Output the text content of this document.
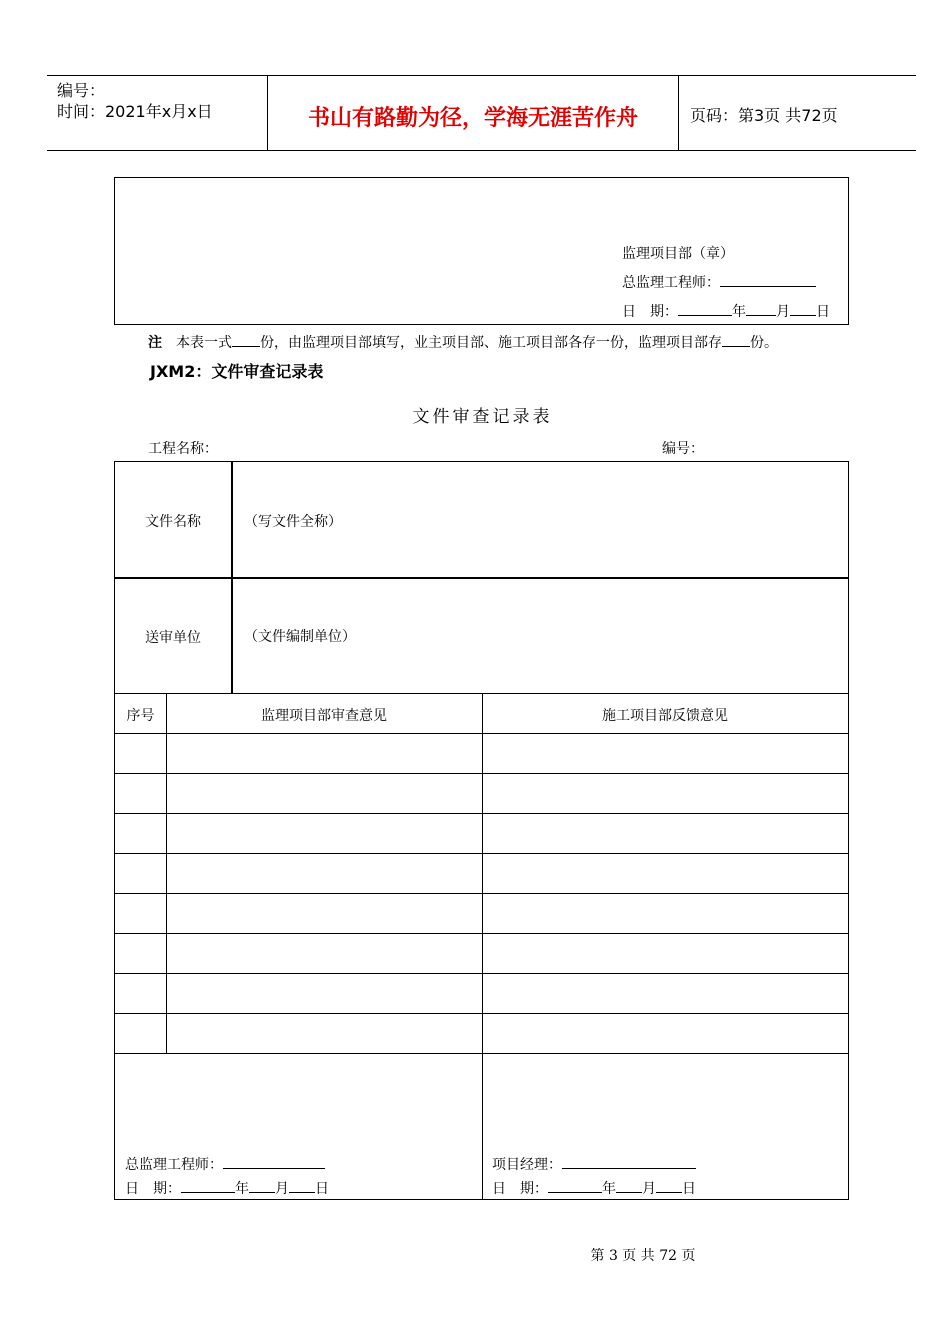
编号：
时间：2021年x月x日	书山有路勤为径，学海无涯苦作舟	页码：第3页 共72页
监理项目部（章）
总监理工程师：
日　期：	年 月 日
注 本表一式 份，由监理项目部填写，业主项目部、施工项目部各存一份，监理项目部存 份。
JXM2：文件审查记录表
文件审查记录表
工程名称：	编号：
文件名称	（写文件全称）
送审单位	（文件编制单位）
序号	监理项目部审查意见	施工项目部反馈意见
总监理工程师：
日　期：	年 月 日
项目经理：
日　期：	年 月 日
第 3 页 共 72 页
